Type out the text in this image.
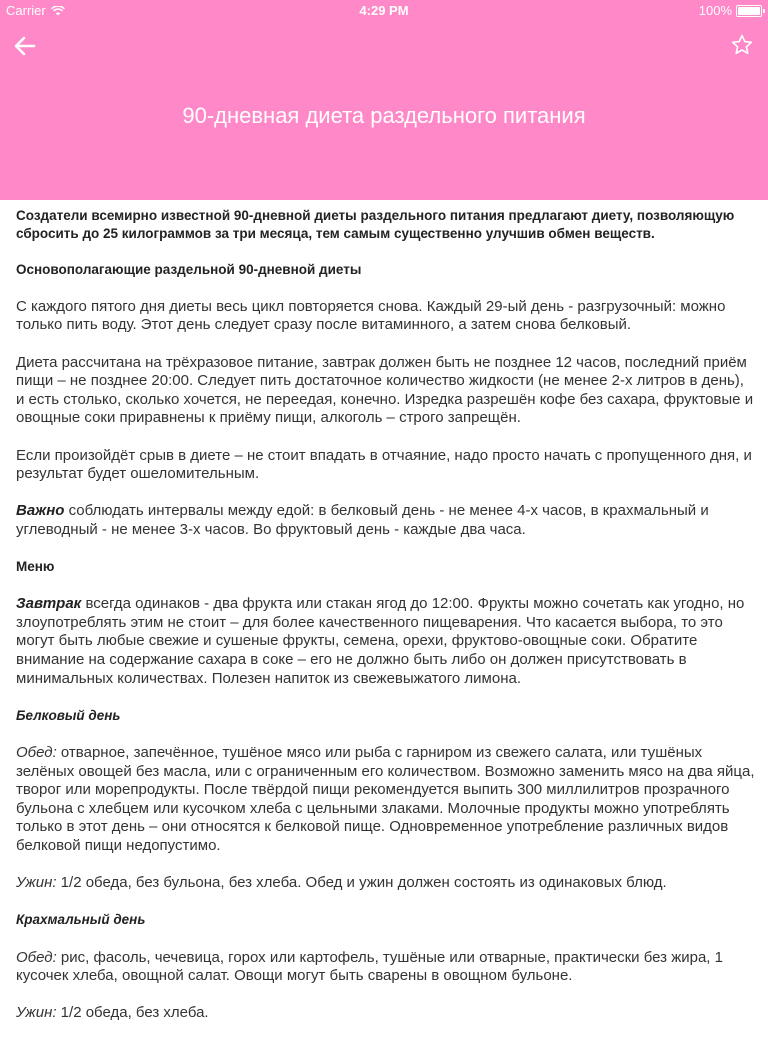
Carrier	4:29 PM	100%
90-дневная диета раздельного питания

Создатели всемирно известной 90-дневной диеты раздельного питания предлагают диету, позволяющую сбросить до 25 килограммов за три месяца, тем самым существенно улучшив обмен веществ.

Основополагающие раздельной 90-дневной диеты

С каждого пятого дня диеты весь цикл повторяется снова. Каждый 29-ый день - разгрузочный: можно только пить воду. Этот день следует сразу после витаминного, а затем снова белковый.

Диета рассчитана на трёхразовое питание, завтрак должен быть не позднее 12 часов, последний приём пищи – не позднее 20:00. Следует пить достаточное количество жидкости (не менее 2-х литров в день), и есть столько, сколько хочется, не переедая, конечно. Изредка разрешён кофе без сахара, фруктовые и овощные соки приравнены к приёму пищи, алкоголь – строго запрещён.

Если произойдёт срыв в диете – не стоит впадать в отчаяние, надо просто начать с пропущенного дня, и результат будет ошеломительным.

Важно соблюдать интервалы между едой: в белковый день - не менее 4-х часов, в крахмальный и углеводный - не менее 3-х часов. Во фруктовый день - каждые два часа.

Меню

Завтрак всегда одинаков - два фрукта или стакан ягод до 12:00. Фрукты можно сочетать как угодно, но злоупотреблять этим не стоит – для более качественного пищеварения. Что касается выбора, то это могут быть любые свежие и сушеные фрукты, семена, орехи, фруктово-овощные соки. Обратите внимание на содержание сахара в соке – его не должно быть либо он должен присутствовать в минимальных количествах. Полезен напиток из свежевыжатого лимона.

Белковый день

Обед: отварное, запечённое, тушёное мясо или рыба с гарниром из свежего салата, или тушёных зелёных овощей без масла, или с ограниченным его количеством. Возможно заменить мясо на два яйца, творог или морепродукты. После твёрдой пищи рекомендуется выпить 300 миллилитров прозрачного бульона с хлебцем или кусочком хлеба с цельными злаками. Молочные продукты можно употреблять только в этот день – они относятся к белковой пище. Одновременное употребление различных видов белковой пищи недопустимо.

Ужин: 1/2 обеда, без бульона, без хлеба. Обед и ужин должен состоять из одинаковых блюд.

Крахмальный день

Обед: рис, фасоль, чечевица, горох или картофель, тушёные или отварные, практически без жира, 1 кусочек хлеба, овощной салат. Овощи могут быть сварены в овощном бульоне.

Ужин: 1/2 обеда, без хлеба.
